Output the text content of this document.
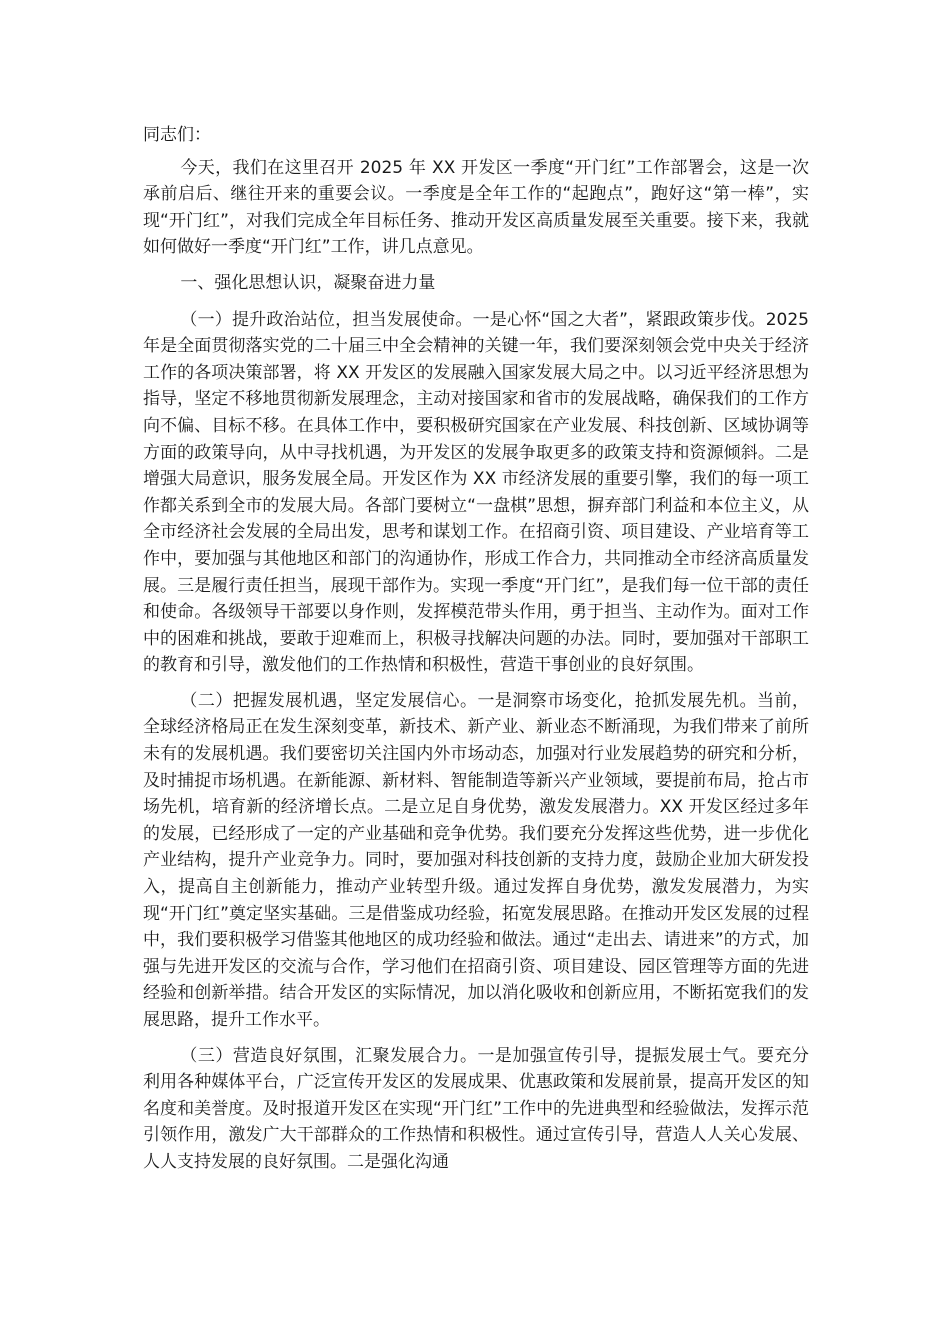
同志们：

今天，我们在这里召开 2025 年 XX 开发区一季度“开门红”工作部署会，这是一次承前启后、继往开来的重要会议。一季度是全年工作的“起跑点”，跑好这“第一棒”，实现“开门红”，对我们完成全年目标任务、推动开发区高质量发展至关重要。接下来，我就如何做好一季度“开门红”工作，讲几点意见。

一、强化思想认识，凝聚奋进力量

（一）提升政治站位，担当发展使命。一是心怀“国之大者”，紧跟政策步伐。2025 年是全面贯彻落实党的二十届三中全会精神的关键一年，我们要深刻领会党中央关于经济工作的各项决策部署，将 XX 开发区的发展融入国家发展大局之中。以习近平经济思想为指导，坚定不移地贯彻新发展理念，主动对接国家和省市的发展战略，确保我们的工作方向不偏、目标不移。在具体工作中，要积极研究国家在产业发展、科技创新、区域协调等方面的政策导向，从中寻找机遇，为开发区的发展争取更多的政策支持和资源倾斜。二是增强大局意识，服务发展全局。开发区作为 XX 市经济发展的重要引擎，我们的每一项工作都关系到全市的发展大局。各部门要树立“一盘棋”思想，摒弃部门利益和本位主义，从全市经济社会发展的全局出发，思考和谋划工作。在招商引资、项目建设、产业培育等工作中，要加强与其他地区和部门的沟通协作，形成工作合力，共同推动全市经济高质量发展。三是履行责任担当，展现干部作为。实现一季度“开门红”，是我们每一位干部的责任和使命。各级领导干部要以身作则，发挥模范带头作用，勇于担当、主动作为。面对工作中的困难和挑战，要敢于迎难而上，积极寻找解决问题的办法。同时，要加强对干部职工的教育和引导，激发他们的工作热情和积极性，营造干事创业的良好氛围。

（二）把握发展机遇，坚定发展信心。一是洞察市场变化，抢抓发展先机。当前，全球经济格局正在发生深刻变革，新技术、新产业、新业态不断涌现，为我们带来了前所未有的发展机遇。我们要密切关注国内外市场动态，加强对行业发展趋势的研究和分析，及时捕捉市场机遇。在新能源、新材料、智能制造等新兴产业领域，要提前布局，抢占市场先机，培育新的经济增长点。二是立足自身优势，激发发展潜力。XX 开发区经过多年的发展，已经形成了一定的产业基础和竞争优势。我们要充分发挥这些优势，进一步优化产业结构，提升产业竞争力。同时，要加强对科技创新的支持力度，鼓励企业加大研发投入，提高自主创新能力，推动产业转型升级。通过发挥自身优势，激发发展潜力，为实现“开门红”奠定坚实基础。三是借鉴成功经验，拓宽发展思路。在推动开发区发展的过程中，我们要积极学习借鉴其他地区的成功经验和做法。通过“走出去、请进来”的方式，加强与先进开发区的交流与合作，学习他们在招商引资、项目建设、园区管理等方面的先进经验和创新举措。结合开发区的实际情况，加以消化吸收和创新应用，不断拓宽我们的发展思路，提升工作水平。

（三）营造良好氛围，汇聚发展合力。一是加强宣传引导，提振发展士气。要充分利用各种媒体平台，广泛宣传开发区的发展成果、优惠政策和发展前景，提高开发区的知名度和美誉度。及时报道开发区在实现“开门红”工作中的先进典型和经验做法，发挥示范引领作用，激发广大干部群众的工作热情和积极性。通过宣传引导，营造人人关心发展、人人支持发展的良好氛围。二是强化沟通
